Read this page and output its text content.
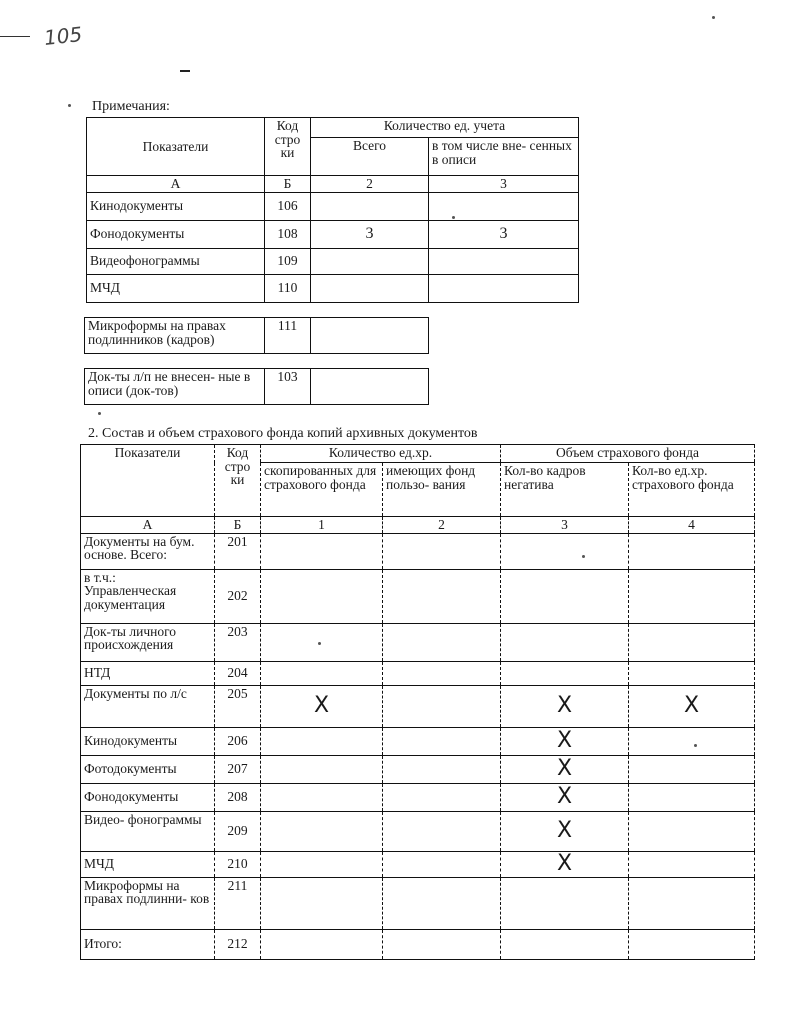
105
Примечания:
Показатели	Код стро ки	Количество ед. учета	
		Всего	в том числе вне- сенных в описи
А	Б	2	3
Кинодокументы	106		
Фонодокументы	108	3	3
Видеофонограммы	109		
МЧД	110		
Микроформы на правах подлинников (кадров)	111	
Док-ты л/п не внесен- ные в описи (док-тов)	103	
2. Состав и объем страхового фонда копий архивных документов
Показатели	Код стро ки	Количество ед.хр.		Объем страхового фонда	
		скопированных для страхового фонда	имеющих фонд пользо- вания	Кол-во кадров негатива	Кол-во ед.хр. страхового фонда
А	Б	1	2	3	4
Документы на бум. основе. Всего:	201				
в т.ч.: Управленческая документация	202				
Док-ты личного происхождения	203				
НТД	204				
Документы по л/с	205	X		X	X
Кинодокументы	206			X	
Фотодокументы	207			X	
Фонодокументы	208			X	
Видео- фонограммы	209			X	
МЧД	210			X	
Микроформы на правах подлинни- ков	211				
Итого:	212				
